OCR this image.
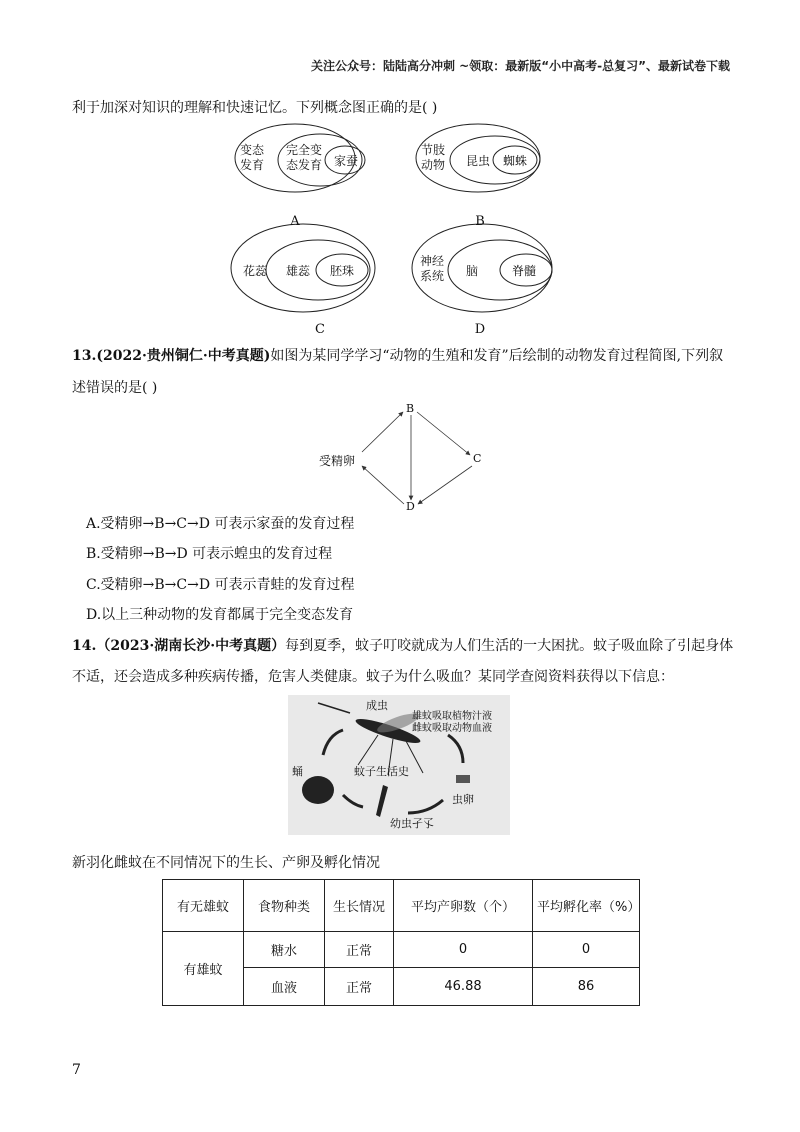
关注公众号：陆陆高分冲刺 ~领取：最新版“小中高考-总复习”、最新试卷下载
利于加深对知识的理解和快速记忆。下列概念图正确的是( )
变态
发育
完全变
态发育 家蚕
A
节肢
动物 昆虫 蜘蛛
B
花蕊 雄蕊 胚珠
C
神经
系统 脑	脊髓
D
13.(2022·贵州铜仁·中考真题)如图为某同学学习“动物的生殖和发育”后绘制的动物发育过程简图,下列叙
述错误的是( )
B
受精卵	C
D
A.受精卵→B→C→D 可表示家蚕的发育过程
B.受精卵→B→D 可表示蝗虫的发育过程
C.受精卵→B→C→D 可表示青蛙的发育过程
D.以上三种动物的发育都属于完全变态发育
14.（2023·湖南长沙·中考真题）每到夏季，蚊子叮咬就成为人们生活的一大困扰。蚊子吸血除了引起身体
不适，还会造成多种疾病传播，危害人类健康。蚊子为什么吸血？某同学查阅资料获得以下信息：
成虫
雄蚊吸取植物汁液
雌蚊吸取动物血液
蚊子生活史
蛹
虫卵
幼虫孑孓
新羽化雌蚊在不同情况下的生长、产卵及孵化情况
有无雄蚊	食物种类	生长情况	平均产卵数（个）	平均孵化率（%）
有雄蚊	糖水	正常	0	0
	血液	正常	46.88	86
7
